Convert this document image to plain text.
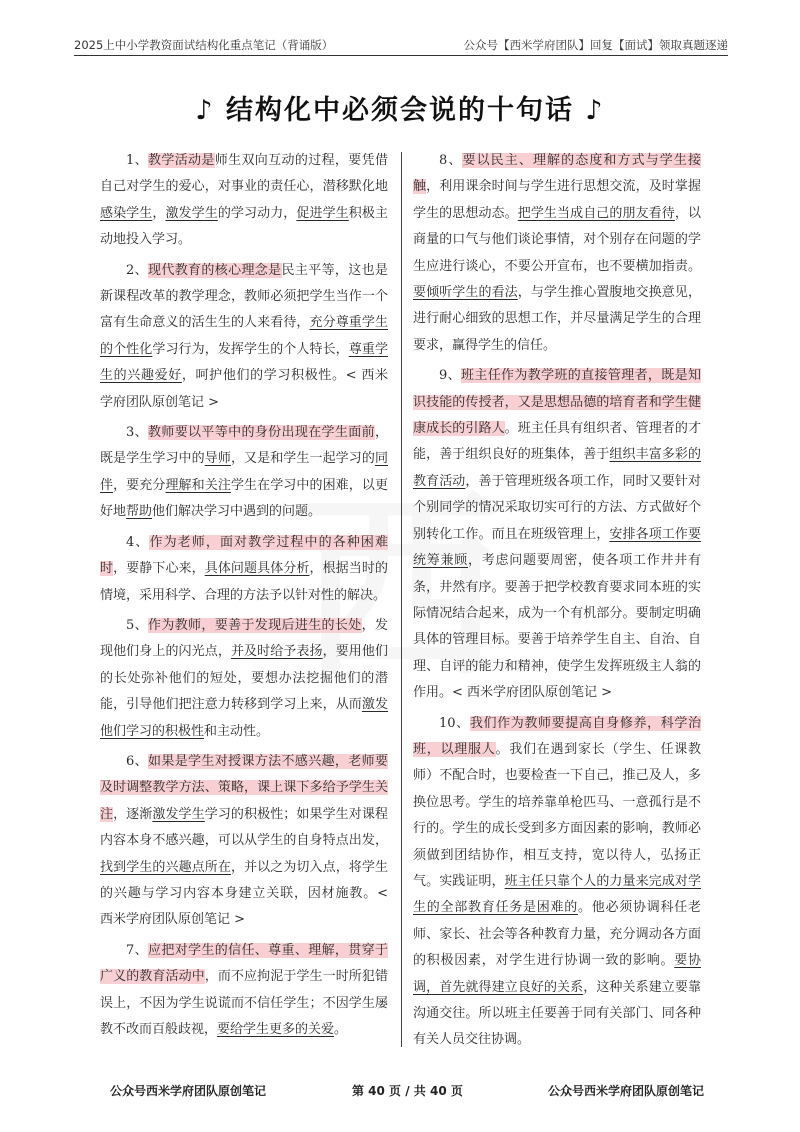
2025上中小学教资面试结构化重点笔记（背诵版）	公众号【西米学府团队】回复【面试】领取真题逐递
♪ 结构化中必须会说的十句话 ♪

1、教学活动是师生双向互动的过程，要凭借自己对学生的爱心，对事业的责任心，潜移默化地感染学生，激发学生的学习动力，促进学生积极主动地投入学习。

2、现代教育的核心理念是民主平等，这也是新课程改革的教学理念，教师必须把学生当作一个富有生命意义的活生生的人来看待，充分尊重学生的个性化学习行为，发挥学生的个人特长，尊重学生的兴趣爱好，呵护他们的学习积极性。< 西米学府团队原创笔记 >

3、教师要以平等中的身份出现在学生面前，既是学生学习中的导师，又是和学生一起学习的同伴，要充分理解和关注学生在学习中的困难，以更好地帮助他们解决学习中遇到的问题。

4、作为老师，面对教学过程中的各种困难时，要静下心来，具体问题具体分析，根据当时的情境，采用科学、合理的方法予以针对性的解决。

5、作为教师，要善于发现后进生的长处，发现他们身上的闪光点，并及时给予表扬，要用他们的长处弥补他们的短处，要想办法挖掘他们的潜能，引导他们把注意力转移到学习上来，从而激发他们学习的积极性和主动性。

6、如果是学生对授课方法不感兴趣，老师要及时调整教学方法、策略，课上课下多给予学生关注，逐渐激发学生学习的积极性；如果学生对课程内容本身不感兴趣，可以从学生的自身特点出发，找到学生的兴趣点所在，并以之为切入点，将学生的兴趣与学习内容本身建立关联，因材施教。< 西米学府团队原创笔记 >

7、应把对学生的信任、尊重、理解，贯穿于广义的教育活动中，而不应拘泥于学生一时所犯错误上，不因为学生说谎而不信任学生；不因学生屡教不改而百般歧视，要给学生更多的关爱。

8、要以民主、理解的态度和方式与学生接触，利用课余时间与学生进行思想交流，及时掌握学生的思想动态。把学生当成自己的朋友看待，以商量的口气与他们谈论事情，对个别存在问题的学生应进行谈心，不要公开宣布，也不要横加指责。要倾听学生的看法，与学生推心置腹地交换意见，进行耐心细致的思想工作，并尽量满足学生的合理要求，赢得学生的信任。

9、班主任作为教学班的直接管理者，既是知识技能的传授者，又是思想品德的培育者和学生健康成长的引路人。班主任具有组织者、管理者的才能，善于组织良好的班集体，善于组织丰富多彩的教育活动，善于管理班级各项工作，同时又要针对个别同学的情况采取切实可行的方法、方式做好个别转化工作。而且在班级管理上，安排各项工作要统筹兼顾，考虑问题要周密，使各项工作井井有条，井然有序。要善于把学校教育要求同本班的实际情况结合起来，成为一个有机部分。要制定明确具体的管理目标。要善于培养学生自主、自治、自理、自评的能力和精神，使学生发挥班级主人翁的作用。< 西米学府团队原创笔记 >

10、我们作为教师要提高自身修养，科学治班，以理服人。我们在遇到家长（学生、任课教师）不配合时，也要检查一下自己，推己及人，多换位思考。学生的培养靠单枪匹马、一意孤行是不行的。学生的成长受到多方面因素的影响，教师必须做到团结协作，相互支持，宽以待人，弘扬正气。实践证明，班主任只靠个人的力量来完成对学生的全部教育任务是困难的。他必须协调科任老师、家长、社会等各种教育力量，充分调动各方面的积极因素，对学生进行协调一致的影响。要协调，首先就得建立良好的关系，这种关系建立要靠沟通交往。所以班主任要善于同有关部门、同各种有关人员交往协调。

公众号西米学府团队原创笔记	第 40 页 / 共 40 页	公众号西米学府团队原创笔记
